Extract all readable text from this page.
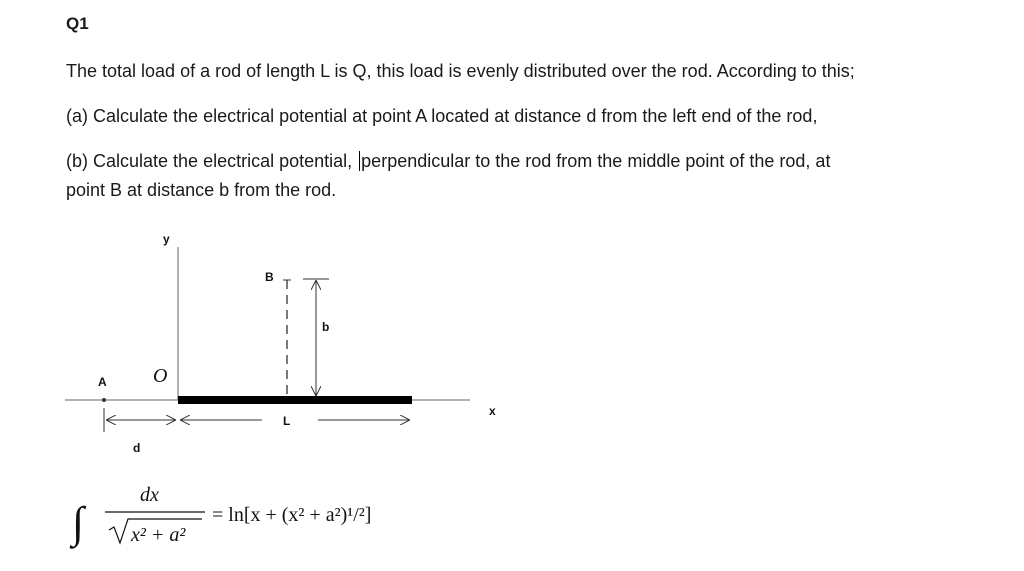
Q1
The total load of a rod of length L is Q, this load is evenly distributed over the rod. According to this;
(a) Calculate the electrical potential at point A located at distance d from the left end of the rod,
(b) Calculate the electrical potential, perpendicular to the rod from the middle point of the rod, at
point B at distance b from the rod.
x
y
A O
B
b
d
L
∫
dx
x² + a²
= ln[x + (x² + a²)¹/²]
